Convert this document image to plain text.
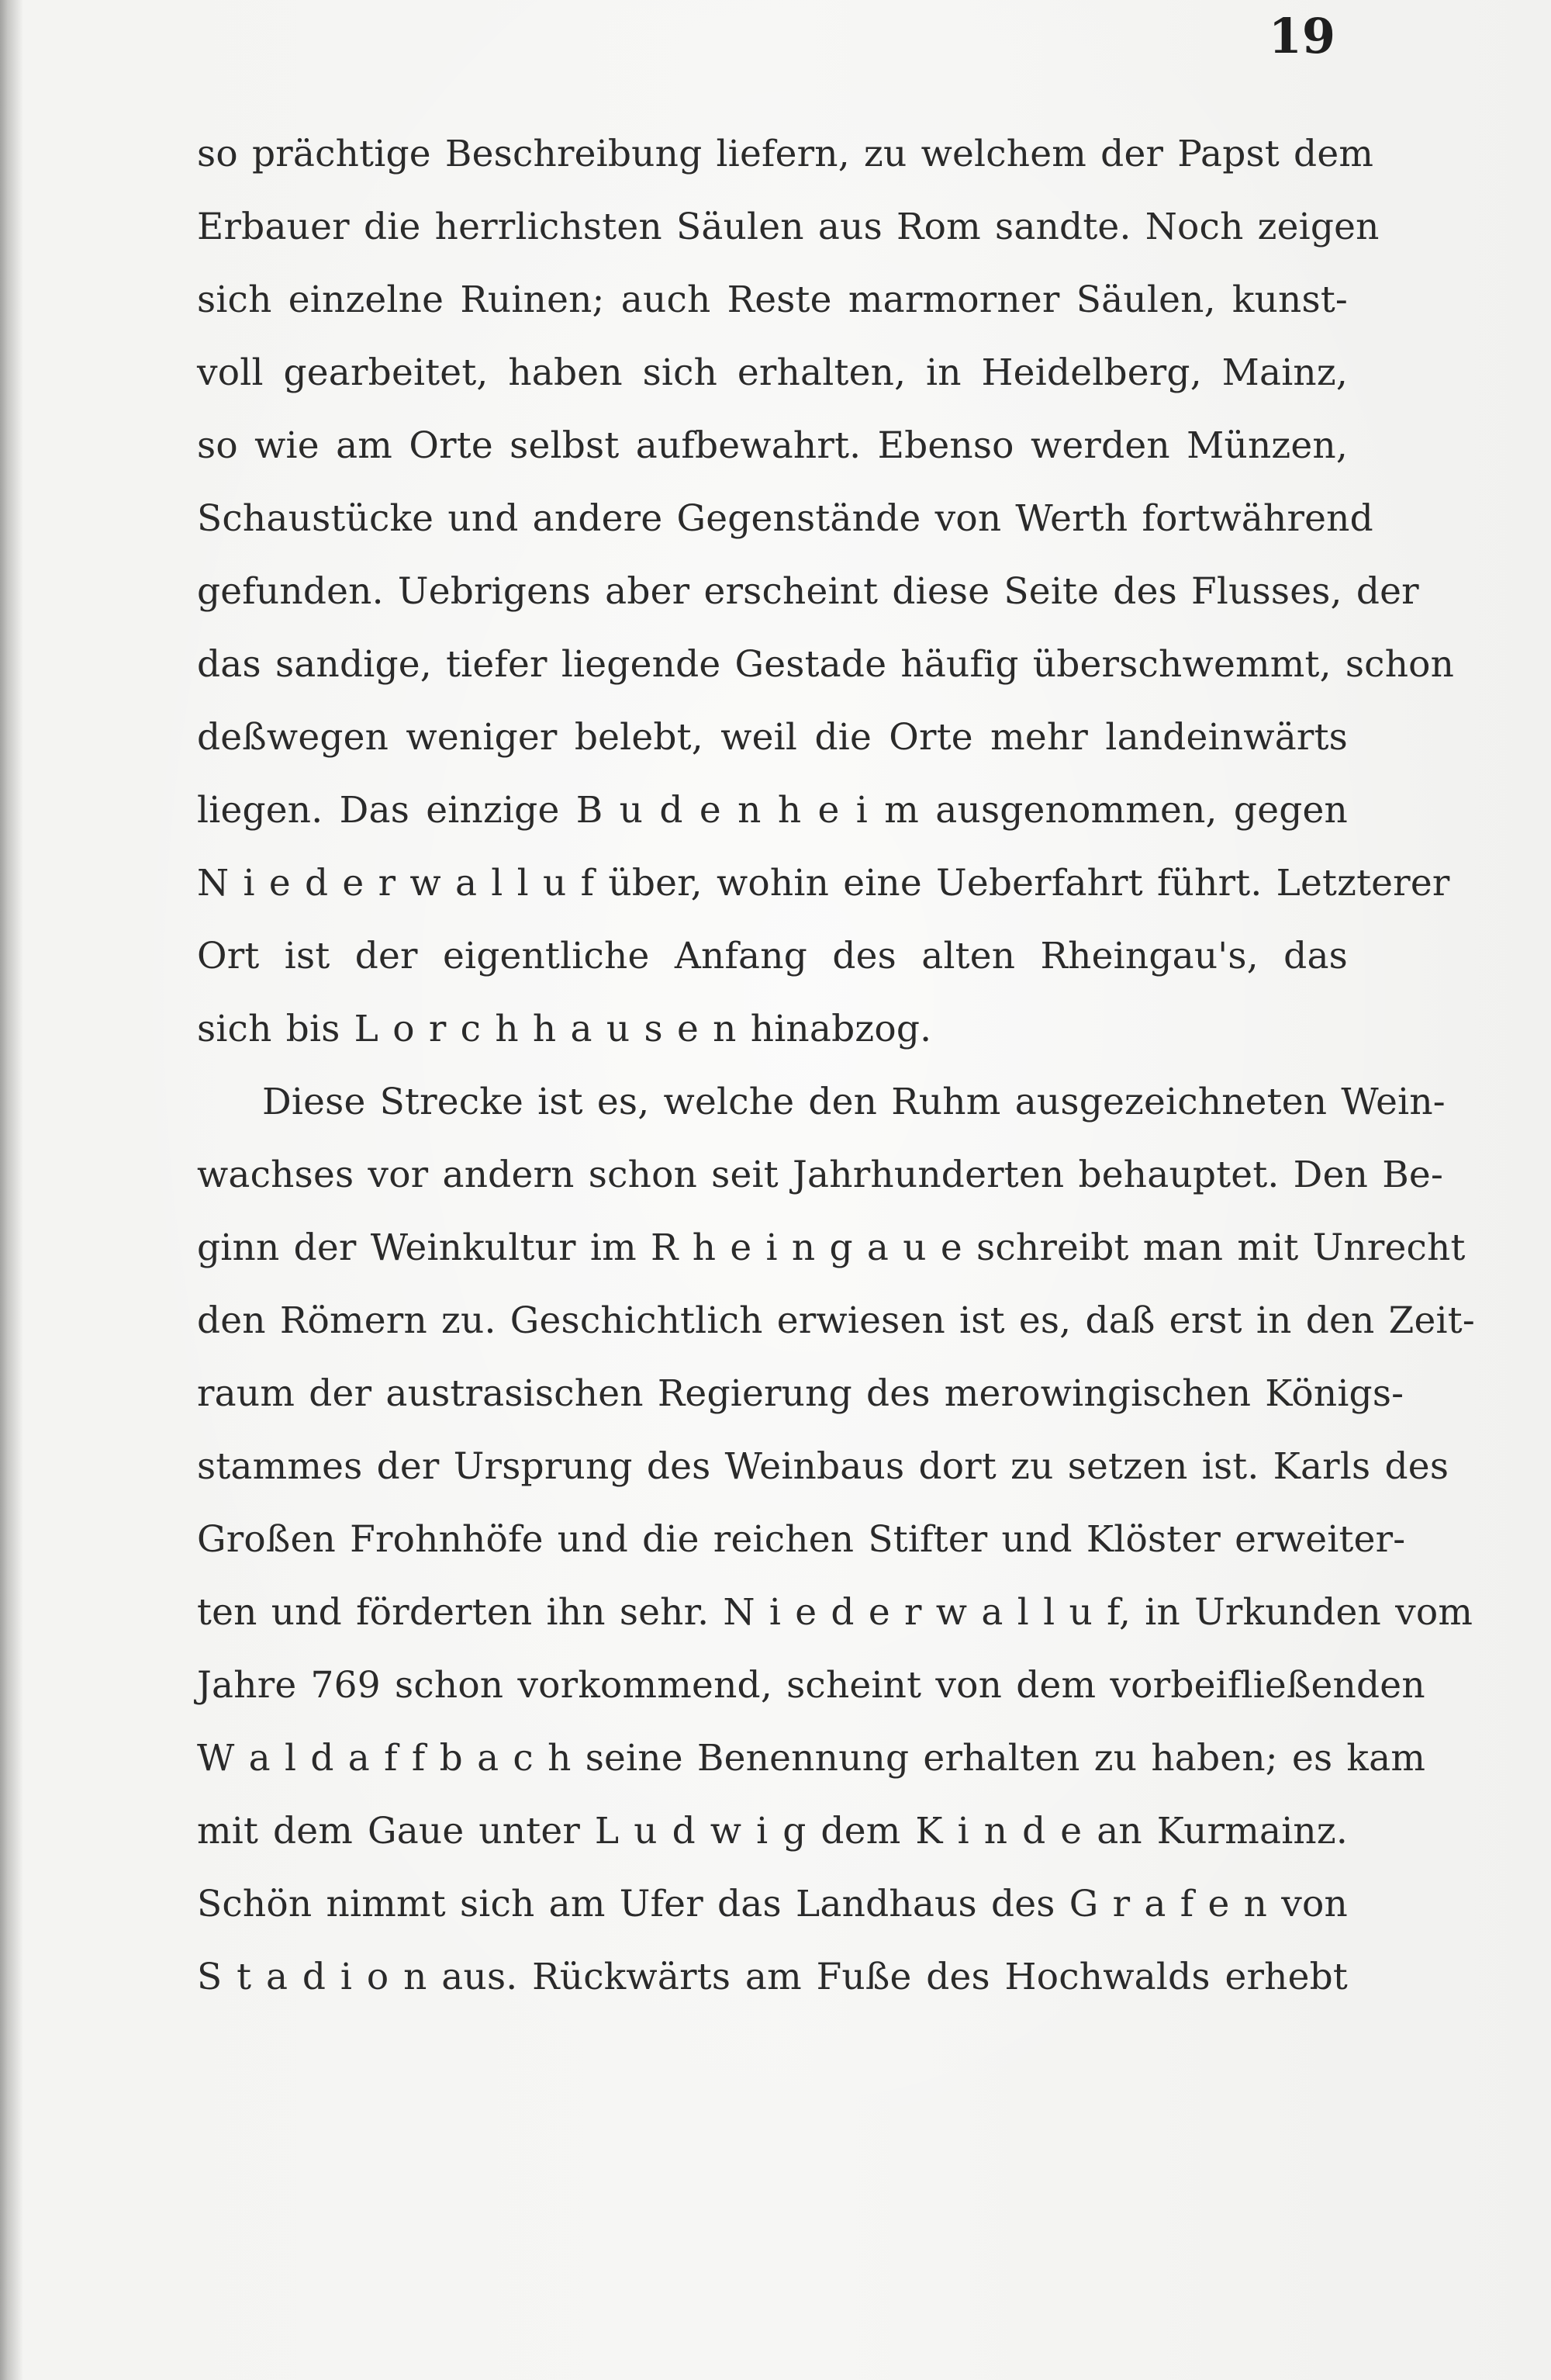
19
so prächtige Beschreibung liefern, zu welchem der Papst dem
Erbauer die herrlichsten Säulen aus Rom sandte. Noch zeigen
sich einzelne Ruinen; auch Reste marmorner Säulen, kunst-
voll gearbeitet, haben sich erhalten, in Heidelberg, Mainz,
so wie am Orte selbst aufbewahrt. Ebenso werden Münzen,
Schaustücke und andere Gegenstände von Werth fortwährend
gefunden. Uebrigens aber erscheint diese Seite des Flusses, der
das sandige, tiefer liegende Gestade häufig überschwemmt, schon
deßwegen weniger belebt, weil die Orte mehr landeinwärts
liegen. Das einzige B u d e n h e i m ausgenommen, gegen
N i e d e r w a l l u f über, wohin eine Ueberfahrt führt. Letzterer
Ort ist der eigentliche Anfang des alten Rheingau's, das
sich bis L o r c h h a u s e n hinabzog.
Diese Strecke ist es, welche den Ruhm ausgezeichneten Wein-
wachses vor andern schon seit Jahrhunderten behauptet. Den Be-
ginn der Weinkultur im R h e i n g a u e schreibt man mit Unrecht
den Römern zu. Geschichtlich erwiesen ist es, daß erst in den Zeit-
raum der austrasischen Regierung des merowingischen Königs-
stammes der Ursprung des Weinbaus dort zu setzen ist. Karls des
Großen Frohnhöfe und die reichen Stifter und Klöster erweiter-
ten und förderten ihn sehr. N i e d e r w a l l u f, in Urkunden vom
Jahre 769 schon vorkommend, scheint von dem vorbeifließenden
W a l d a f f b a c h seine Benennung erhalten zu haben; es kam
mit dem Gaue unter L u d w i g dem K i n d e an Kurmainz.
Schön nimmt sich am Ufer das Landhaus des G r a f e n von
S t a d i o n aus. Rückwärts am Fuße des Hochwalds erhebt
